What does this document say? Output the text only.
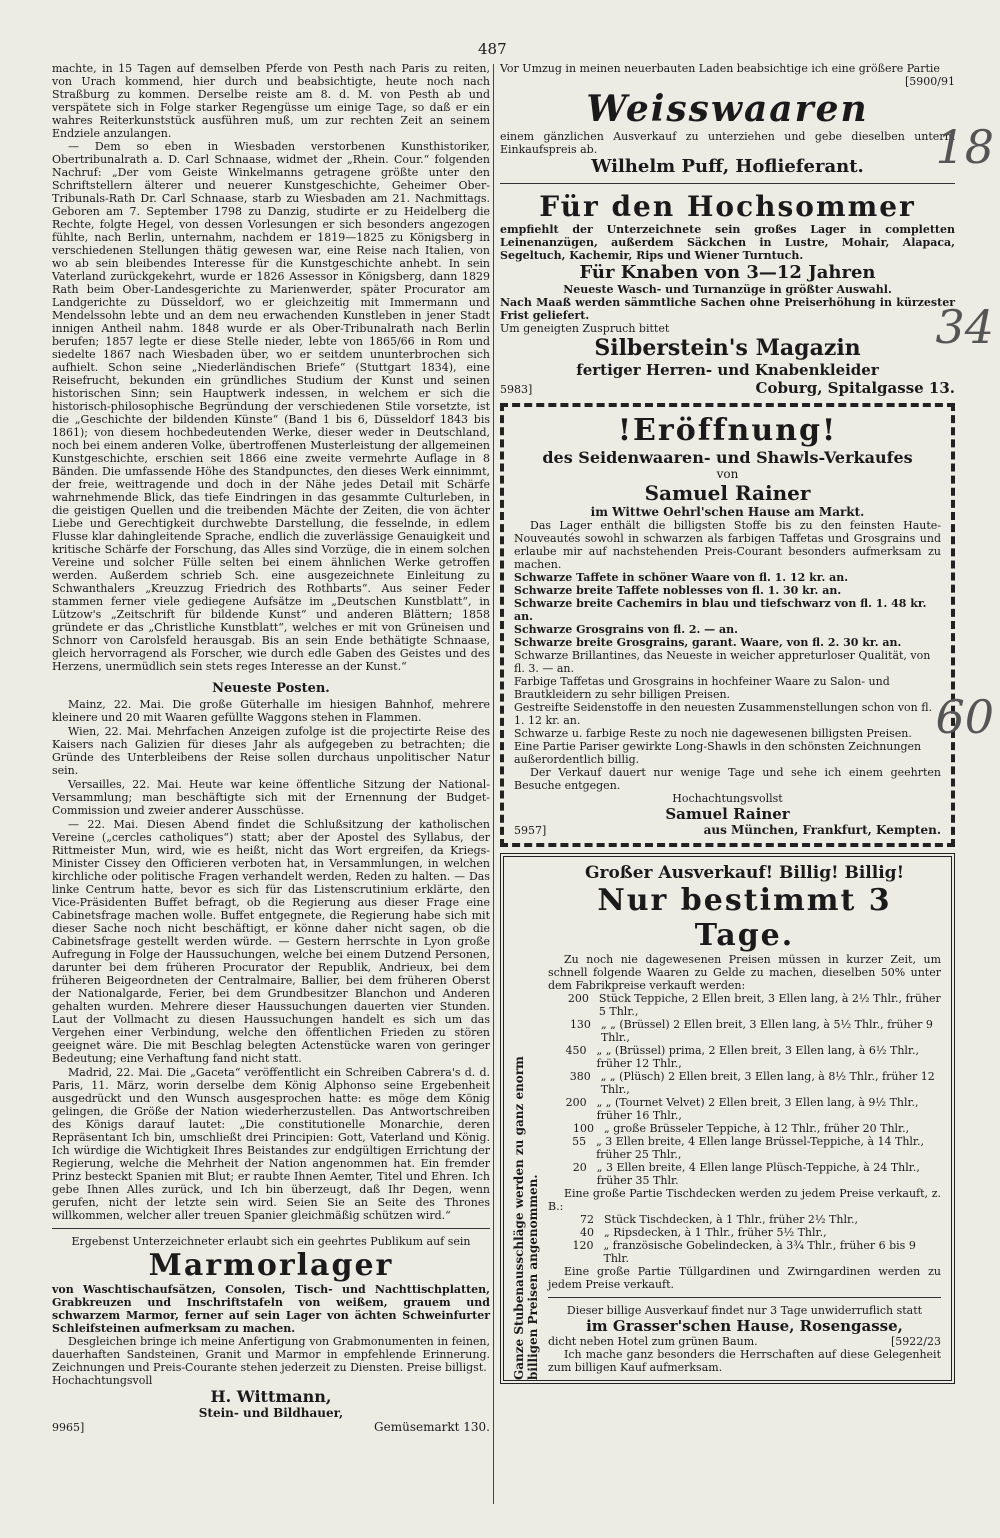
487

machte, in 15 Tagen auf demselben Pferde von Pesth nach Paris zu reiten, von Urach kommend, hier durch und beabsichtigte, heute noch nach Straßburg zu kommen. Derselbe reiste am 8. d. M. von Pesth ab und verspätete sich in Folge starker Regengüsse um einige Tage, so daß er ein wahres Reiterkunststück ausführen muß, um zur rechten Zeit an seinem Endziele anzulangen.

— Dem so eben in Wiesbaden verstorbenen Kunsthistoriker, Obertribunalrath a. D. Carl Schnaase, widmet der „Rhein. Cour.“ folgenden Nachruf: „Der vom Geiste Winkelmanns getragene größte unter den Schriftstellern älterer und neuerer Kunstgeschichte, Geheimer Ober-Tribunals-Rath Dr. Carl Schnaase, starb zu Wiesbaden am 21. Nachmittags. Geboren am 7. September 1798 zu Danzig, studirte er zu Heidelberg die Rechte, folgte Hegel, von dessen Vorlesungen er sich besonders angezogen fühlte, nach Berlin, unternahm, nachdem er 1819—1825 zu Königsberg in verschiedenen Stellungen thätig gewesen war, eine Reise nach Italien, von wo ab sein bleibendes Interesse für die Kunstgeschichte anhebt. In sein Vaterland zurückgekehrt, wurde er 1826 Assessor in Königsberg, dann 1829 Rath beim Ober-Landesgerichte zu Marienwerder, später Procurator am Landgerichte zu Düsseldorf, wo er gleichzeitig mit Immermann und Mendelssohn lebte und an dem neu erwachenden Kunstleben in jener Stadt innigen Antheil nahm. 1848 wurde er als Ober-Tribunalrath nach Berlin berufen; 1857 legte er diese Stelle nieder, lebte von 1865/66 in Rom und siedelte 1867 nach Wiesbaden über, wo er seitdem ununterbrochen sich aufhielt. Schon seine „Niederländischen Briefe“ (Stuttgart 1834), eine Reisefrucht, bekunden ein gründliches Studium der Kunst und seinen historischen Sinn; sein Hauptwerk indessen, in welchem er sich die historisch-philosophische Begründung der verschiedenen Stile vorsetzte, ist die „Geschichte der bildenden Künste“ (Band 1 bis 6, Düsseldorf 1843 bis 1861); von diesem hochbedeutenden Werke, dieser weder in Deutschland, noch bei einem anderen Volke, übertroffenen Musterleistung der allgemeinen Kunstgeschichte, erschien seit 1866 eine zweite vermehrte Auflage in 8 Bänden. Die umfassende Höhe des Standpunctes, den dieses Werk einnimmt, der freie, weittragende und doch in der Nähe jedes Detail mit Schärfe wahrnehmende Blick, das tiefe Eindringen in das gesammte Culturleben, in die geistigen Quellen und die treibenden Mächte der Zeiten, die von ächter Liebe und Gerechtigkeit durchwebte Darstellung, die fesselnde, in edlem Flusse klar dahingleitende Sprache, endlich die zuverlässige Genauigkeit und kritische Schärfe der Forschung, das Alles sind Vorzüge, die in einem solchen Vereine und solcher Fülle selten bei einem ähnlichen Werke getroffen werden. Außerdem schrieb Sch. eine ausgezeichnete Einleitung zu Schwanthalers „Kreuzzug Friedrich des Rothbarts“. Aus seiner Feder stammen ferner viele gediegene Aufsätze im „Deutschen Kunstblatt“, in Lützow's „Zeitschrift für bildende Kunst“ und anderen Blättern; 1858 gründete er das „Christliche Kunstblatt“, welches er mit von Grüneisen und Schnorr von Carolsfeld herausgab. Bis an sein Ende bethätigte Schnaase, gleich hervorragend als Forscher, wie durch edle Gaben des Geistes und des Herzens, unermüdlich sein stets reges Interesse an der Kunst.“

Neueste Posten.

Mainz, 22. Mai. Die große Güterhalle im hiesigen Bahnhof, mehrere kleinere und 20 mit Waaren gefüllte Waggons stehen in Flammen.

Wien, 22. Mai. Mehrfachen Anzeigen zufolge ist die projectirte Reise des Kaisers nach Galizien für dieses Jahr als aufgegeben zu betrachten; die Gründe des Unterbleibens der Reise sollen durchaus unpolitischer Natur sein.

Versailles, 22. Mai. Heute war keine öffentliche Sitzung der National-Versammlung; man beschäftigte sich mit der Ernennung der Budget-Commission und zweier anderer Ausschüsse.

— 22. Mai. Diesen Abend findet die Schlußsitzung der katholischen Vereine („cercles catholiques“) statt; aber der Apostel des Syllabus, der Rittmeister Mun, wird, wie es heißt, nicht das Wort ergreifen, da Kriegs-Minister Cissey den Officieren verboten hat, in Versammlungen, in welchen kirchliche oder politische Fragen verhandelt werden, Reden zu halten. — Das linke Centrum hatte, bevor es sich für das Listenscrutinium erklärte, den Vice-Präsidenten Buffet befragt, ob die Regierung aus dieser Frage eine Cabinetsfrage machen wolle. Buffet entgegnete, die Regierung habe sich mit dieser Sache noch nicht beschäftigt, er könne daher nicht sagen, ob die Cabinetsfrage gestellt werden würde. — Gestern herrschte in Lyon große Aufregung in Folge der Haussuchungen, welche bei einem Dutzend Personen, darunter bei dem früheren Procurator der Republik, Andrieux, bei dem früheren Beigeordneten der Centralmaire, Ballier, bei dem früheren Oberst der Nationalgarde, Ferier, bei dem Grundbesitzer Blanchon und Anderen gehalten wurden. Mehrere dieser Haussuchungen dauerten vier Stunden. Laut der Vollmacht zu diesen Haussuchungen handelt es sich um das Vergehen einer Verbindung, welche den öffentlichen Frieden zu stören geeignet wäre. Die mit Beschlag belegten Actenstücke waren von geringer Bedeutung; eine Verhaftung fand nicht statt.

Madrid, 22. Mai. Die „Gaceta“ veröffentlicht ein Schreiben Cabrera's d. d. Paris, 11. März, worin derselbe dem König Alphonso seine Ergebenheit ausgedrückt und den Wunsch ausgesprochen hatte: es möge dem König gelingen, die Größe der Nation wiederherzustellen. Das Antwortschreiben des Königs darauf lautet: „Die constitutionelle Monarchie, deren Repräsentant Ich bin, umschließt drei Principien: Gott, Vaterland und König. Ich würdige die Wichtigkeit Ihres Beistandes zur endgültigen Errichtung der Regierung, welche die Mehrheit der Nation angenommen hat. Ein fremder Prinz besteckt Spanien mit Blut; er raubte Ihnen Aemter, Titel und Ehren. Ich gebe Ihnen Alles zurück, und Ich bin überzeugt, daß Ihr Degen, wenn gerufen, nicht der letzte sein wird. Seien Sie an Seite des Thrones willkommen, welcher aller treuen Spanier gleichmäßig schützen wird.“

Ergebenst Unterzeichneter erlaubt sich ein geehrtes Publikum auf sein

Marmorlager

von Waschtischaufsätzen, Consolen, Tisch- und Nachttischplatten, Grabkreuzen und Inschriftstafeln von weißem, grauem und schwarzem Marmor, ferner auf sein Lager von ächten Schweinfurter Schleifsteinen aufmerksam zu machen.

Desgleichen bringe ich meine Anfertigung von Grabmonumenten in feinen, dauerhaften Sandsteinen, Granit und Marmor in empfehlende Erinnerung. Zeichnungen und Preis-Courante stehen jederzeit zu Diensten. Preise billigst.

Hochachtungsvoll

H. Wittmann,
Stein- und Bildhauer,
9965]	Gemüsemarkt 130.

Vor Umzug in meinen neuerbauten Laden beabsichtige ich eine größere Partie

[5900/91
Weisswaaren

einem gänzlichen Ausverkauf zu unterziehen und gebe dieselben unterm Einkaufspreis ab.

Wilhelm Puff, Hoflieferant.
Für den Hochsommer

empfiehlt der Unterzeichnete sein großes Lager in completten Leinenanzügen, außerdem Säckchen in Lustre, Mohair, Alapaca, Segeltuch, Kachemir, Rips und Wiener Turntuch.

Für Knaben von 3—12 Jahren

Neueste Wasch- und Turnanzüge in größter Auswahl.

Nach Maaß werden sämmtliche Sachen ohne Preiserhöhung in kürzester Frist geliefert.

Um geneigten Zuspruch bittet

Silberstein's Magazin
fertiger Herren- und Knabenkleider
5983]	Coburg, Spitalgasse 13.
!Eröffnung!
des Seidenwaaren- und Shawls-Verkaufes
von
Samuel Rainer
im Wittwe Oehrl'schen Hause am Markt.

Das Lager enthält die billigsten Stoffe bis zu den feinsten Haute-Nouveautés sowohl in schwarzen als farbigen Taffetas und Grosgrains und erlaube mir auf nachstehenden Preis-Courant besonders aufmerksam zu machen.

Schwarze Taffete in schöner Waare von fl. 1. 12 kr. an.
Schwarze breite Taffete noblesses von fl. 1. 30 kr. an.
Schwarze breite Cachemirs in blau und tiefschwarz von fl. 1. 48 kr. an.
Schwarze Grosgrains von fl. 2. — an.
Schwarze breite Grosgrains, garant. Waare, von fl. 2. 30 kr. an.
Schwarze Brillantines, das Neueste in weicher appreturloser Qualität, von fl. 3. — an.
Farbige Taffetas und Grosgrains in hochfeiner Waare zu Salon- und Brautkleidern zu sehr billigen Preisen.
Gestreifte Seidenstoffe in den neuesten Zusammenstellungen schon von fl. 1. 12 kr. an.
Schwarze u. farbige Reste zu noch nie dagewesenen billigsten Preisen.
Eine Partie Pariser gewirkte Long-Shawls in den schönsten Zeichnungen außerordentlich billig.

Der Verkauf dauert nur wenige Tage und sehe ich einem geehrten Besuche entgegen.

Hochachtungsvollst
Samuel Rainer
5957]	aus München, Frankfurt, Kempten.
Ganze Stubenausschläge werden zu ganz enorm billigen Preisen angenommen.
Großer Ausverkauf! Billig! Billig!
Nur bestimmt 3 Tage.

Zu noch nie dagewesenen Preisen müssen in kurzer Zeit, um schnell folgende Waaren zu Gelde zu machen, dieselben 50% unter dem Fabrikpreise verkauft werden:

200 Stück Teppiche, 2 Ellen breit, 3 Ellen lang, à 2½ Thlr., früher 5 Thlr.,
130 „ „ (Brüssel) 2 Ellen breit, 3 Ellen lang, à 5½ Thlr., früher 9 Thlr.,
450 „ „ (Brüssel) prima, 2 Ellen breit, 3 Ellen lang, à 6½ Thlr., früher 12 Thlr.,
380 „ „ (Plüsch) 2 Ellen breit, 3 Ellen lang, à 8½ Thlr., früher 12 Thlr.,
200 „ „ (Tournet Velvet) 2 Ellen breit, 3 Ellen lang, à 9½ Thlr., früher 16 Thlr.,
100 „ große Brüsseler Teppiche, à 12 Thlr., früher 20 Thlr.,
55 „ 3 Ellen breite, 4 Ellen lange Brüssel-Teppiche, à 14 Thlr., früher 25 Thlr.,
20 „ 3 Ellen breite, 4 Ellen lange Plüsch-Teppiche, à 24 Thlr., früher 35 Thlr.

Eine große Partie Tischdecken werden zu jedem Preise verkauft, z. B.:

72 Stück Tischdecken, à 1 Thlr., früher 2½ Thlr.,
40 „ Ripsdecken, à 1 Thlr., früher 5½ Thlr.,
120 „ französische Gobelindecken, à 3¾ Thlr., früher 6 bis 9 Thlr.

Eine große Partie Tüllgardinen und Zwirngardinen werden zu jedem Preise verkauft.

Dieser billige Ausverkauf findet nur 3 Tage unwiderruflich statt

im Grasser'schen Hause, Rosengasse,
dicht neben Hotel zum grünen Baum.	[5922/23

Ich mache ganz besonders die Herrschaften auf diese Gelegenheit zum billigen Kauf aufmerksam.

18
34
60
